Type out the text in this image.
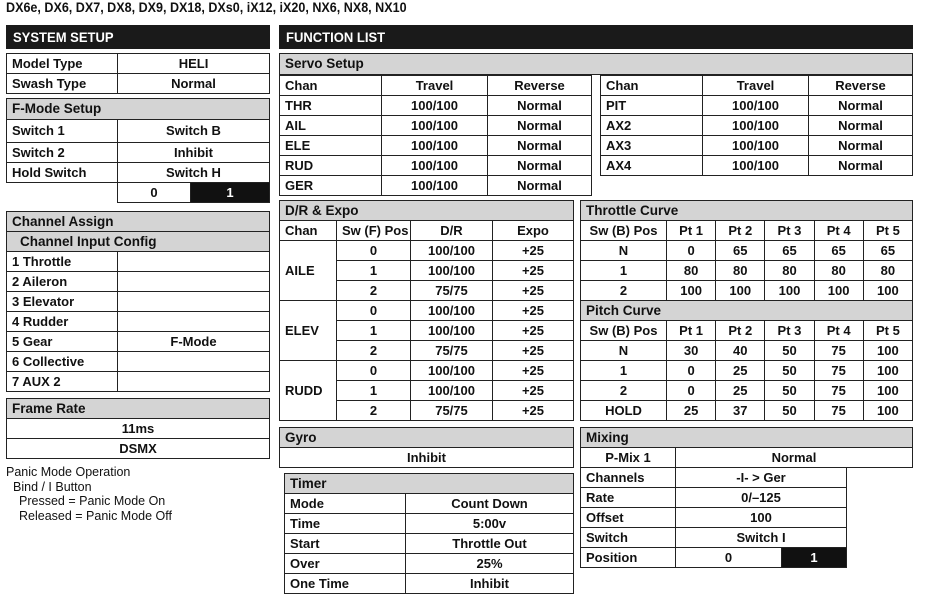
DX6e, DX6, DX7, DX8, DX9, DX18, DXs0, iX12, iX20, NX6, NX8, NX10
SYSTEM SETUP
Model Type	HELI
Swash Type	Normal
F-Mode Setup		
Switch 1	Switch B	
Switch 2	Inhibit	
Hold Switch	Switch H	
	0	1
Channel Assign	
Channel Input Config	
1 Throttle	
2 Aileron	
3 Elevator	
4 Rudder	
5 Gear	F-Mode
6 Collective	
7 AUX 2	
Frame Rate
11ms
DSMX
Panic Mode Operation
Bind / I Button
Pressed = Panic Mode On
Released = Panic Mode Off
FUNCTION LIST
Servo Setup
Chan	Travel	Reverse
THR	100/100	Normal
AIL	100/100	Normal
ELE	100/100	Normal
RUD	100/100	Normal
GER	100/100	Normal
Chan	Travel	Reverse
PIT	100/100	Normal
AX2	100/100	Normal
AX3	100/100	Normal
AX4	100/100	Normal
D/R & Expo			
Chan	Sw (F) Pos	D/R	Expo
AILE	0	100/100	+25
	1	100/100	+25
	2	75/75	+25
ELEV	0	100/100	+25
	1	100/100	+25
	2	75/75	+25
RUDD	0	100/100	+25
	1	100/100	+25
	2	75/75	+25
Throttle Curve					
Sw (B) Pos	Pt 1	Pt 2	Pt 3	Pt 4	Pt 5
N	0	65	65	65	65
1	80	80	80	80	80
2	100	100	100	100	100
Pitch Curve					
Sw (B) Pos	Pt 1	Pt 2	Pt 3	Pt 4	Pt 5
N	30	40	50	75	100
1	0	25	50	75	100
2	0	25	50	75	100
HOLD	25	37	50	75	100
Gyro
Inhibit
Timer	
Mode	Count Down
Time	5:00v
Start	Throttle Out
Over	25%
One Time	Inhibit
Mixing		
P-Mix 1	Normal	
Channels	-I- > Ger	
Rate	0/–125	
Offset	100	
Switch	Switch I	
Position	0	1
